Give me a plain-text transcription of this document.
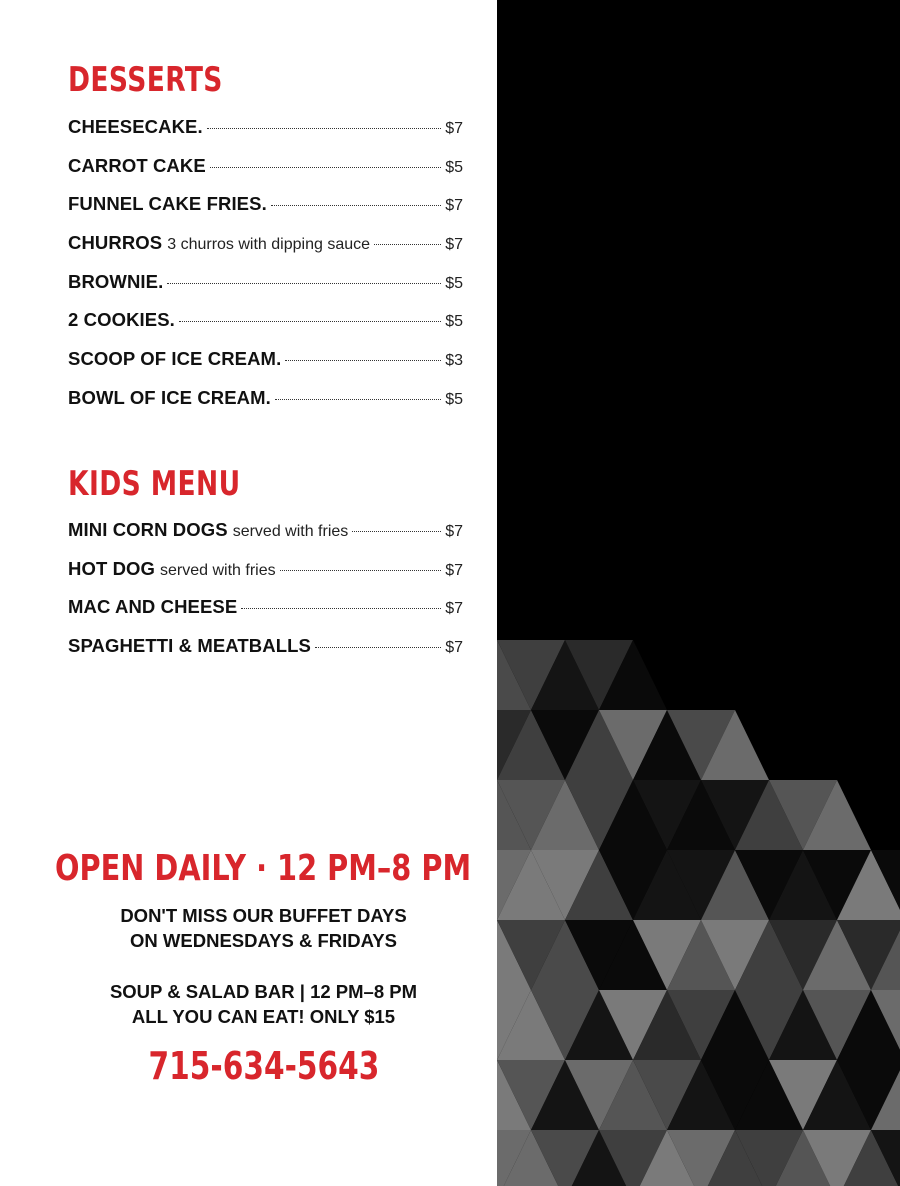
DESSERTS
CHEESECAKE.	$7
CARROT CAKE	$5
FUNNEL CAKE FRIES.	$7
CHURROS 3 churros with dipping sauce	$7
BROWNIE.	$5
2 COOKIES.	$5
SCOOP OF ICE CREAM.	$3
BOWL OF ICE CREAM.	$5
KIDS MENU
MINI CORN DOGS served with fries	$7
HOT DOG served with fries	$7
MAC AND CHEESE	$7
SPAGHETTI & MEATBALLS	$7
OPEN DAILY · 12 PM–8 PM
DON'T MISS OUR BUFFET DAYS
ON WEDNESDAYS & FRIDAYS
SOUP & SALAD BAR | 12 PM–8 PM
ALL YOU CAN EAT! ONLY $15
715-634-5643
